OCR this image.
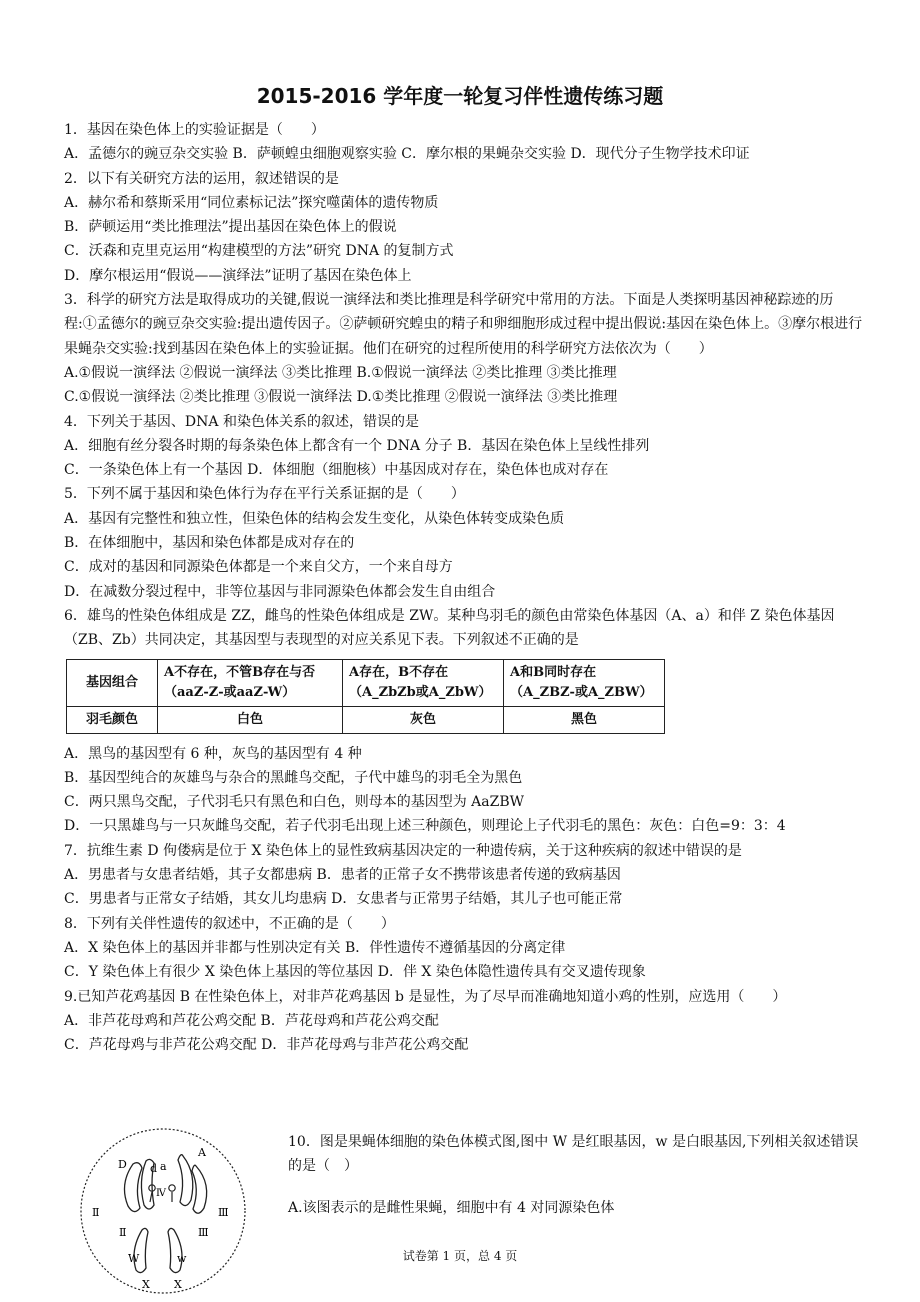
2015-2016 学年度一轮复习伴性遗传练习题
1．基因在染色体上的实验证据是（　　）
A．孟德尔的豌豆杂交实验 B．萨顿蝗虫细胞观察实验 C．摩尔根的果蝇杂交实验 D．现代分子生物学技术印证
2．以下有关研究方法的运用，叙述错误的是
A．赫尔希和蔡斯采用“同位素标记法”探究噬菌体的遗传物质
B．萨顿运用“类比推理法”提出基因在染色体上的假说
C．沃森和克里克运用“构建模型的方法”研究 DNA 的复制方式
D．摩尔根运用“假说——演绎法”证明了基因在染色体上
3．科学的研究方法是取得成功的关键,假说一演绎法和类比推理是科学研究中常用的方法。下面是人类探明基因神秘踪迹的历程:①孟德尔的豌豆杂交实验:提出遗传因子。②萨顿研究蝗虫的精子和卵细胞形成过程中提出假说:基因在染色体上。③摩尔根进行果蝇杂交实验:找到基因在染色体上的实验证据。他们在研究的过程所使用的科学研究方法依次为（　　）
A.①假说一演绎法 ②假说一演绎法 ③类比推理 B.①假说一演绎法 ②类比推理 ③类比推理
C.①假说一演绎法 ②类比推理 ③假说一演绎法 D.①类比推理 ②假说一演绎法 ③类比推理
4．下列关于基因、DNA 和染色体关系的叙述，错误的是
A．细胞有丝分裂各时期的每条染色体上都含有一个 DNA 分子 B．基因在染色体上呈线性排列
C．一条染色体上有一个基因 D．体细胞（细胞核）中基因成对存在，染色体也成对存在
5．下列不属于基因和染色体行为存在平行关系证据的是（　　）
A．基因有完整性和独立性，但染色体的结构会发生变化，从染色体转变成染色质
B．在体细胞中，基因和染色体都是成对存在的
C．成对的基因和同源染色体都是一个来自父方，一个来自母方
D．在减数分裂过程中，非等位基因与非同源染色体都会发生自由组合
6．雄鸟的性染色体组成是 ZZ，雌鸟的性染色体组成是 ZW。某种鸟羽毛的颜色由常染色体基因（A、a）和伴 Z 染色体基因（ZB、Zb）共同决定，其基因型与表现型的对应关系见下表。下列叙述不正确的是
基因组合	A不存在，不管B存在与否（aaZ-Z-或aaZ-W）	A存在，B不存在（A_ZbZb或A_ZbW）	A和B同时存在（A_ZBZ-或A_ZBW）
羽毛颜色	白色	灰色	黑色
A．黑鸟的基因型有 6 种，灰鸟的基因型有 4 种
B．基因型纯合的灰雄鸟与杂合的黑雌鸟交配，子代中雄鸟的羽毛全为黑色
C．两只黑鸟交配，子代羽毛只有黑色和白色，则母本的基因型为 AaZBW
D．一只黑雄鸟与一只灰雌鸟交配，若子代羽毛出现上述三种颜色，则理论上子代羽毛的黑色：灰色：白色=9：3：4
7．抗维生素 D 佝偻病是位于 X 染色体上的显性致病基因决定的一种遗传病，关于这种疾病的叙述中错误的是
A．男患者与女患者结婚，其子女都患病 B．患者的正常子女不携带该患者传递的致病基因
C．男患者与正常女子结婚，其女儿均患病 D．女患者与正常男子结婚，其儿子也可能正常
8．下列有关伴性遗传的叙述中，不正确的是（　　）
A．X 染色体上的基因并非都与性别决定有关 B．伴性遗传不遵循基因的分离定律
C．Y 染色体上有很少 X 染色体上基因的等位基因 D．伴 X 染色体隐性遗传具有交叉遗传现象
9.已知芦花鸡基因 B 在性染色体上，对非芦花鸡基因 b 是显性，为了尽早而准确地知道小鸡的性别，应选用（　　）
A．非芦花母鸡和芦花公鸡交配 B．芦花母鸡和芦花公鸡交配
C．芦花母鸡与非芦花公鸡交配 D．非芦花母鸡与非芦花公鸡交配
D
A
d a
Ⅱ	Ⅲ
Ⅳ
Ⅱ	Ⅲ
W	w
X X
10．图是果蝇体细胞的染色体模式图,图中 W 是红眼基因，w 是白眼基因,下列相关叙述错误的是（　）
A.该图表示的是雌性果蝇，细胞中有 4 对同源染色体
试卷第 1 页，总 4 页
